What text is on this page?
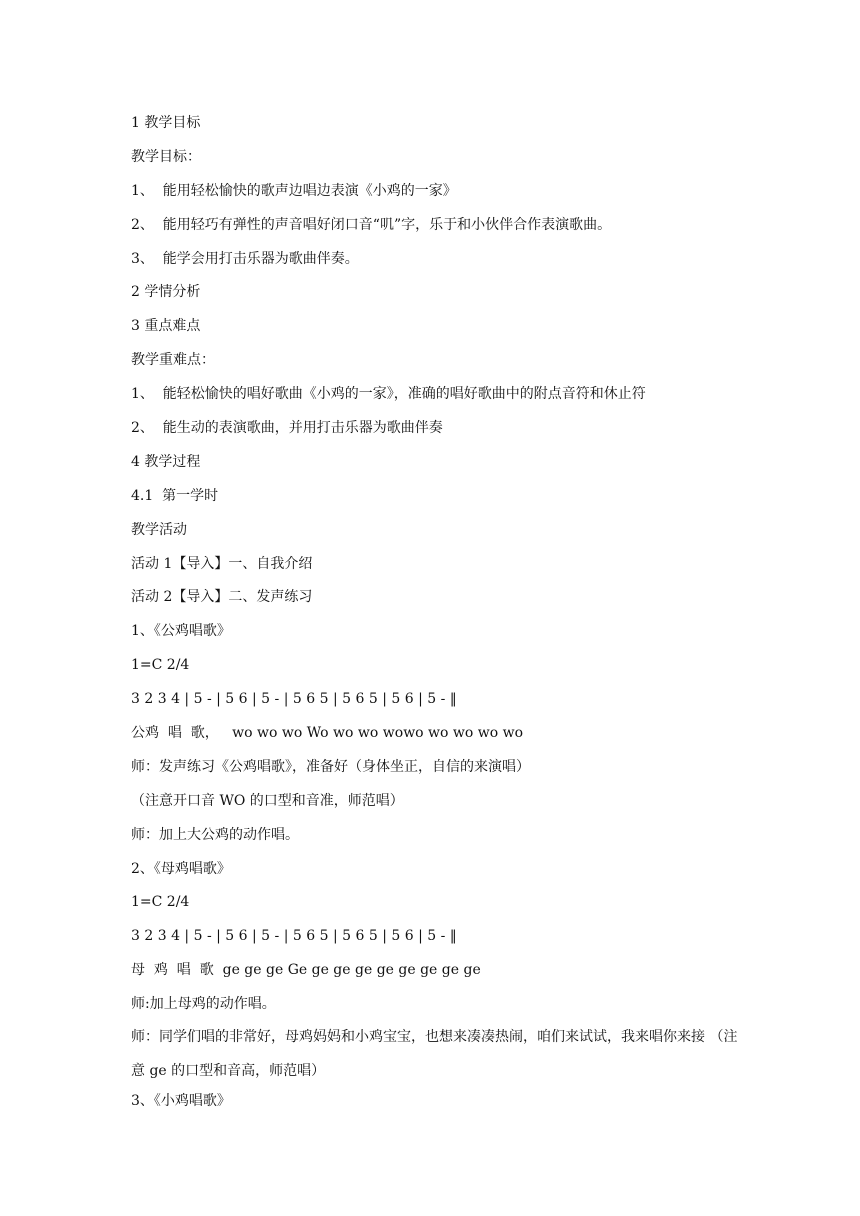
1 教学目标
教学目标：
1、  能用轻松愉快的歌声边唱边表演《小鸡的一家》
2、  能用轻巧有弹性的声音唱好闭口音“叽”字，乐于和小伙伴合作表演歌曲。
3、  能学会用打击乐器为歌曲伴奏。
2 学情分析
3 重点难点
教学重难点：
1、  能轻松愉快的唱好歌曲《小鸡的一家》，准确的唱好歌曲中的附点音符和休止符
2、  能生动的表演歌曲，并用打击乐器为歌曲伴奏
4 教学过程
4.1  第一学时
教学活动
活动 1【导入】一、自我介绍
活动 2【导入】二、发声练习
1、《公鸡唱歌》
1=C 2/4
3 2 3 4 | 5 - | 5 6 | 5 - | 5 6 5 | 5 6 5 | 5 6 | 5 - ‖
公鸡  唱  歌，   wo wo wo Wo wo wo wowo wo wo wo wo
师：发声练习《公鸡唱歌》，准备好（身体坐正，自信的来演唱）
（注意开口音 WO 的口型和音准，师范唱）
师：加上大公鸡的动作唱。
2、《母鸡唱歌》
1=C 2/4
3 2 3 4 | 5 - | 5 6 | 5 - | 5 6 5 | 5 6 5 | 5 6 | 5 - ‖
母  鸡  唱  歌  ge ge ge Ge ge ge ge ge ge ge ge ge
师:加上母鸡的动作唱。
师：同学们唱的非常好，母鸡妈妈和小鸡宝宝，也想来凑凑热闹，咱们来试试，我来唱你来接 （注意 ge 的口型和音高，师范唱）
3、《小鸡唱歌》
